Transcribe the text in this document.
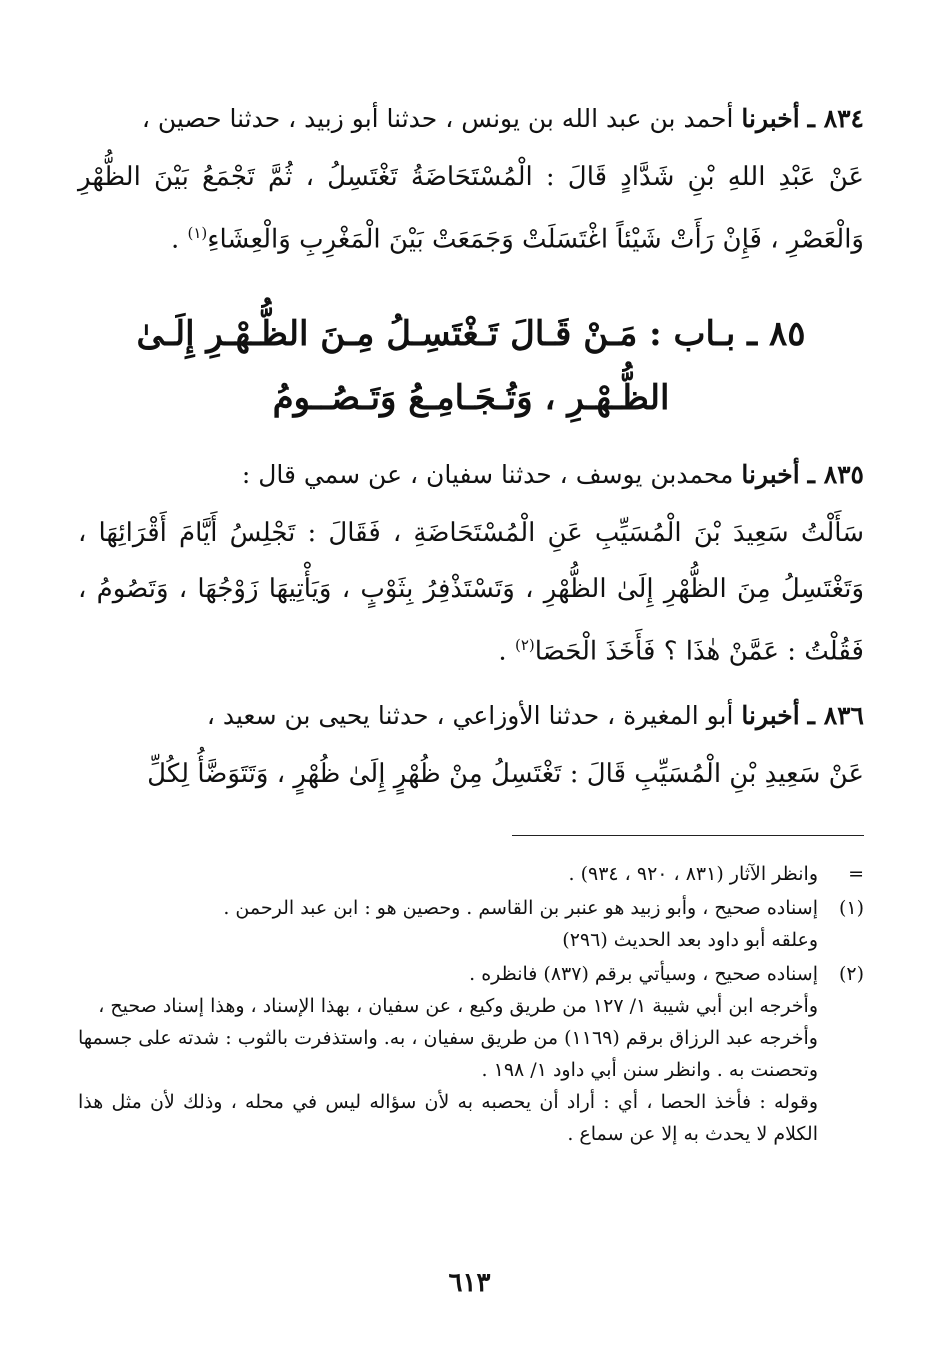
٨٣٤ ـ أخبرنا أحمد بن عبد الله بن يونس ، حدثنا أبو زبيد ، حدثنا حصين ،

عَنْ عَبْدِ اللهِ بْنِ شَدَّادٍ قَالَ : الْمُسْتَحَاضَةُ تَغْتَسِلُ ، ثُمَّ تَجْمَعُ بَيْنَ الظُّهْرِ وَالْعَصْرِ ، فَإِنْ رَأَتْ شَيْئاً اغْتَسَلَتْ وَجَمَعَتْ بَيْنَ الْمَغْرِبِ وَالْعِشَاءِ$^{(١)}$ .

٨٥ ـ بـاب : مَـنْ قَـالَ تَـغْتَسِـلُ مِـنَ الظُّـهْـرِ إِلَـىٰ
الظُّـهْـرِ ، وَتُـجَـامِـعُ وَتَـصُــومُ

٨٣٥ ـ أخبرنا محمدبن يوسف ، حدثنا سفيان ، عن سمي قال :

سَأَلْتُ سَعِيدَ بْنَ الْمُسَيِّبِ عَنِ الْمُسْتَحَاضَةِ ، فَقَالَ : تَجْلِسُ أَيَّامَ أَقْرَائِهَا ، وَتَغْتَسِلُ مِنَ الظُّهْرِ إِلَىٰ الظُّهْرِ ، وَتَسْتَذْفِرُ بِثَوْبٍ ، وَيَأْتِيهَا زَوْجُهَا ، وَتَصُومُ ، فَقُلْتُ : عَمَّنْ هٰذَا ؟ فَأَخَذَ الْحَصَا$^{(٢)}$ .

٨٣٦ ـ أخبرنا أبو المغيرة ، حدثنا الأوزاعي ، حدثنا يحيى بن سعيد ،

عَنْ سَعِيدِ بْنِ الْمُسَيِّبِ قَالَ : تَغْتَسِلُ مِنْ ظُهْرٍ إِلَىٰ ظُهْرٍ ، وَتَتَوَضَّأُ لِكُلِّ

=
وانظر الآثار (٨٣١ ، ٩٢٠ ، ٩٣٤) .
(١)
إسناده صحيح ، وأبو زبيد هو عنبر بن القاسم . وحصين هو : ابن عبد الرحمن .
وعلقه أبو داود بعد الحديث (٢٩٦)
(٢)
إسناده صحيح ، وسيأتي برقم (٨٣٧) فانظره .
وأخرجه ابن أبي شيبة ١/ ١٢٧ من طريق وكيع ، عن سفيان ، بهذا الإسناد ، وهذا إسناد صحيح ،
وأخرجه عبد الرزاق برقم (١١٦٩) من طريق سفيان ، به. واستذفرت بالثوب : شدته على جسمها وتحصنت به . وانظر سنن أبي داود ١/ ١٩٨ .
وقوله : فأخذ الحصا ، أي : أراد أن يحصبه به لأن سؤاله ليس في محله ، وذلك لأن مثل هذا الكلام لا يحدث به إلا عن سماع .
٦١٣
